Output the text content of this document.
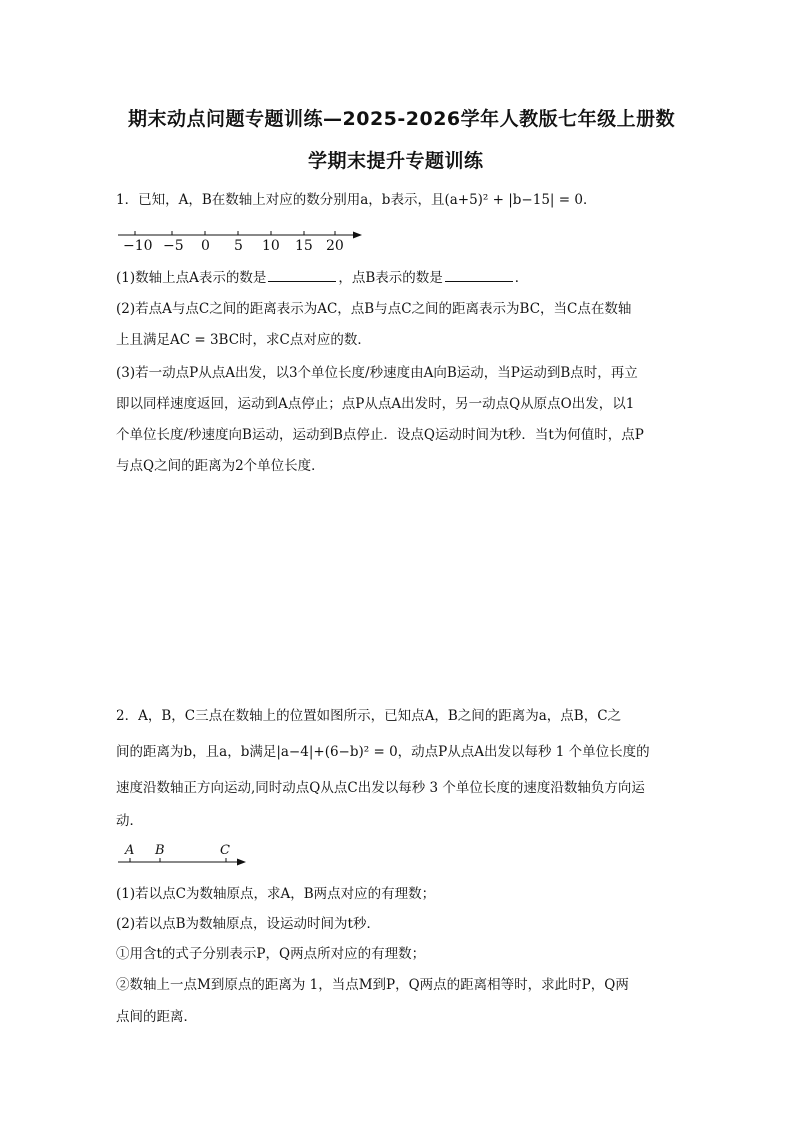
期末动点问题专题训练—2025-2026学年人教版七年级上册数
学期末提升专题训练
1．已知，A，B在数轴上对应的数分别用a，b表示，且(a+5)² + |b−15| = 0．
−10 −5 0 5 10 15 20
(1)数轴上点A表示的数是	，点B表示的数是	．
(2)若点A与点C之间的距离表示为AC，点B与点C之间的距离表示为BC，当C点在数轴
上且满足AC = 3BC时，求C点对应的数．
(3)若一动点P从点A出发，以3个单位长度/秒速度由A向B运动，当P运动到B点时，再立
即以同样速度返回，运动到A点停止；点P从点A出发时，另一动点Q从原点O出发，以1
个单位长度/秒速度向B运动，运动到B点停止．设点Q运动时间为t秒．当t为何值时，点P
与点Q之间的距离为2个单位长度．
2．A，B，C三点在数轴上的位置如图所示，已知点A，B之间的距离为a，点B，C之
间的距离为b，且a，b满足|a−4|+(6−b)² = 0，动点P从点A出发以每秒 1 个单位长度的
速度沿数轴正方向运动,同时动点Q从点C出发以每秒 3 个单位长度的速度沿数轴负方向运
动．
A B	C
(1)若以点C为数轴原点，求A，B两点对应的有理数；
(2)若以点B为数轴原点，设运动时间为t秒．
①用含t的式子分别表示P，Q两点所对应的有理数；
②数轴上一点M到原点的距离为 1，当点M到P，Q两点的距离相等时，求此时P，Q两
点间的距离．
